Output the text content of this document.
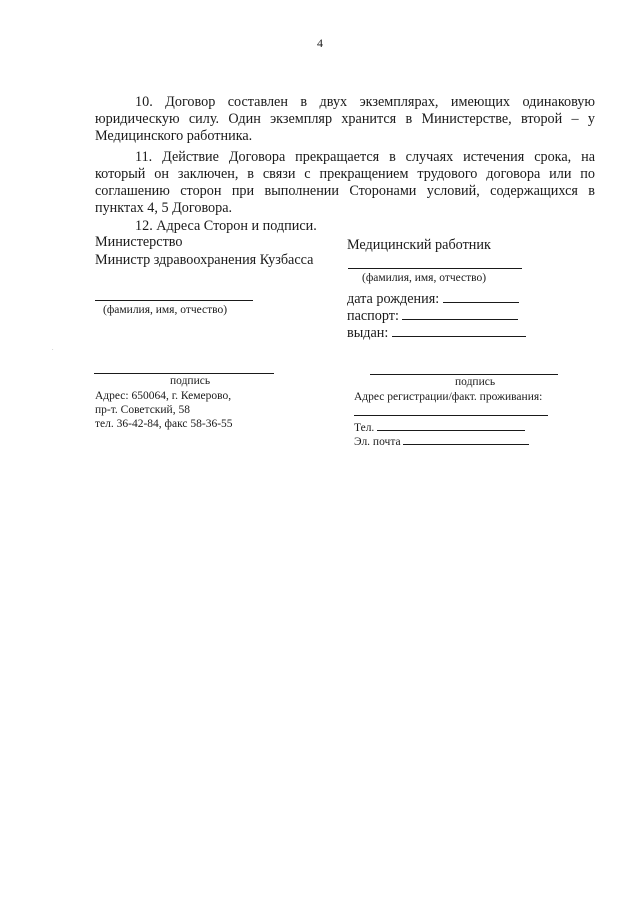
4

10. Договор составлен в двух экземплярах, имеющих одинаковую юридическую силу. Один экземпляр хранится в Министерстве, второй – у Медицинского работника.

11. Действие Договора прекращается в случаях истечения срока, на который он заключен, в связи с прекращением трудового договора или по соглашению сторон при выполнении Сторонами условий, содержащихся в пунктах 4, 5 Договора.

12. Адреса Сторон и подписи.

Министерство
Министр здравоохранения Кузбасса
(фамилия, имя, отчество)
подпись
Адрес: 650064, г. Кемерово,
пр-т. Советский, 58
тел. 36-42-84, факс 58-36-55
Медицинский работник
(фамилия, имя, отчество)
дата рождения:
паспорт:
выдан:
подпись
Адрес регистрации/факт. проживания:
Тел.
Эл. почта
.
